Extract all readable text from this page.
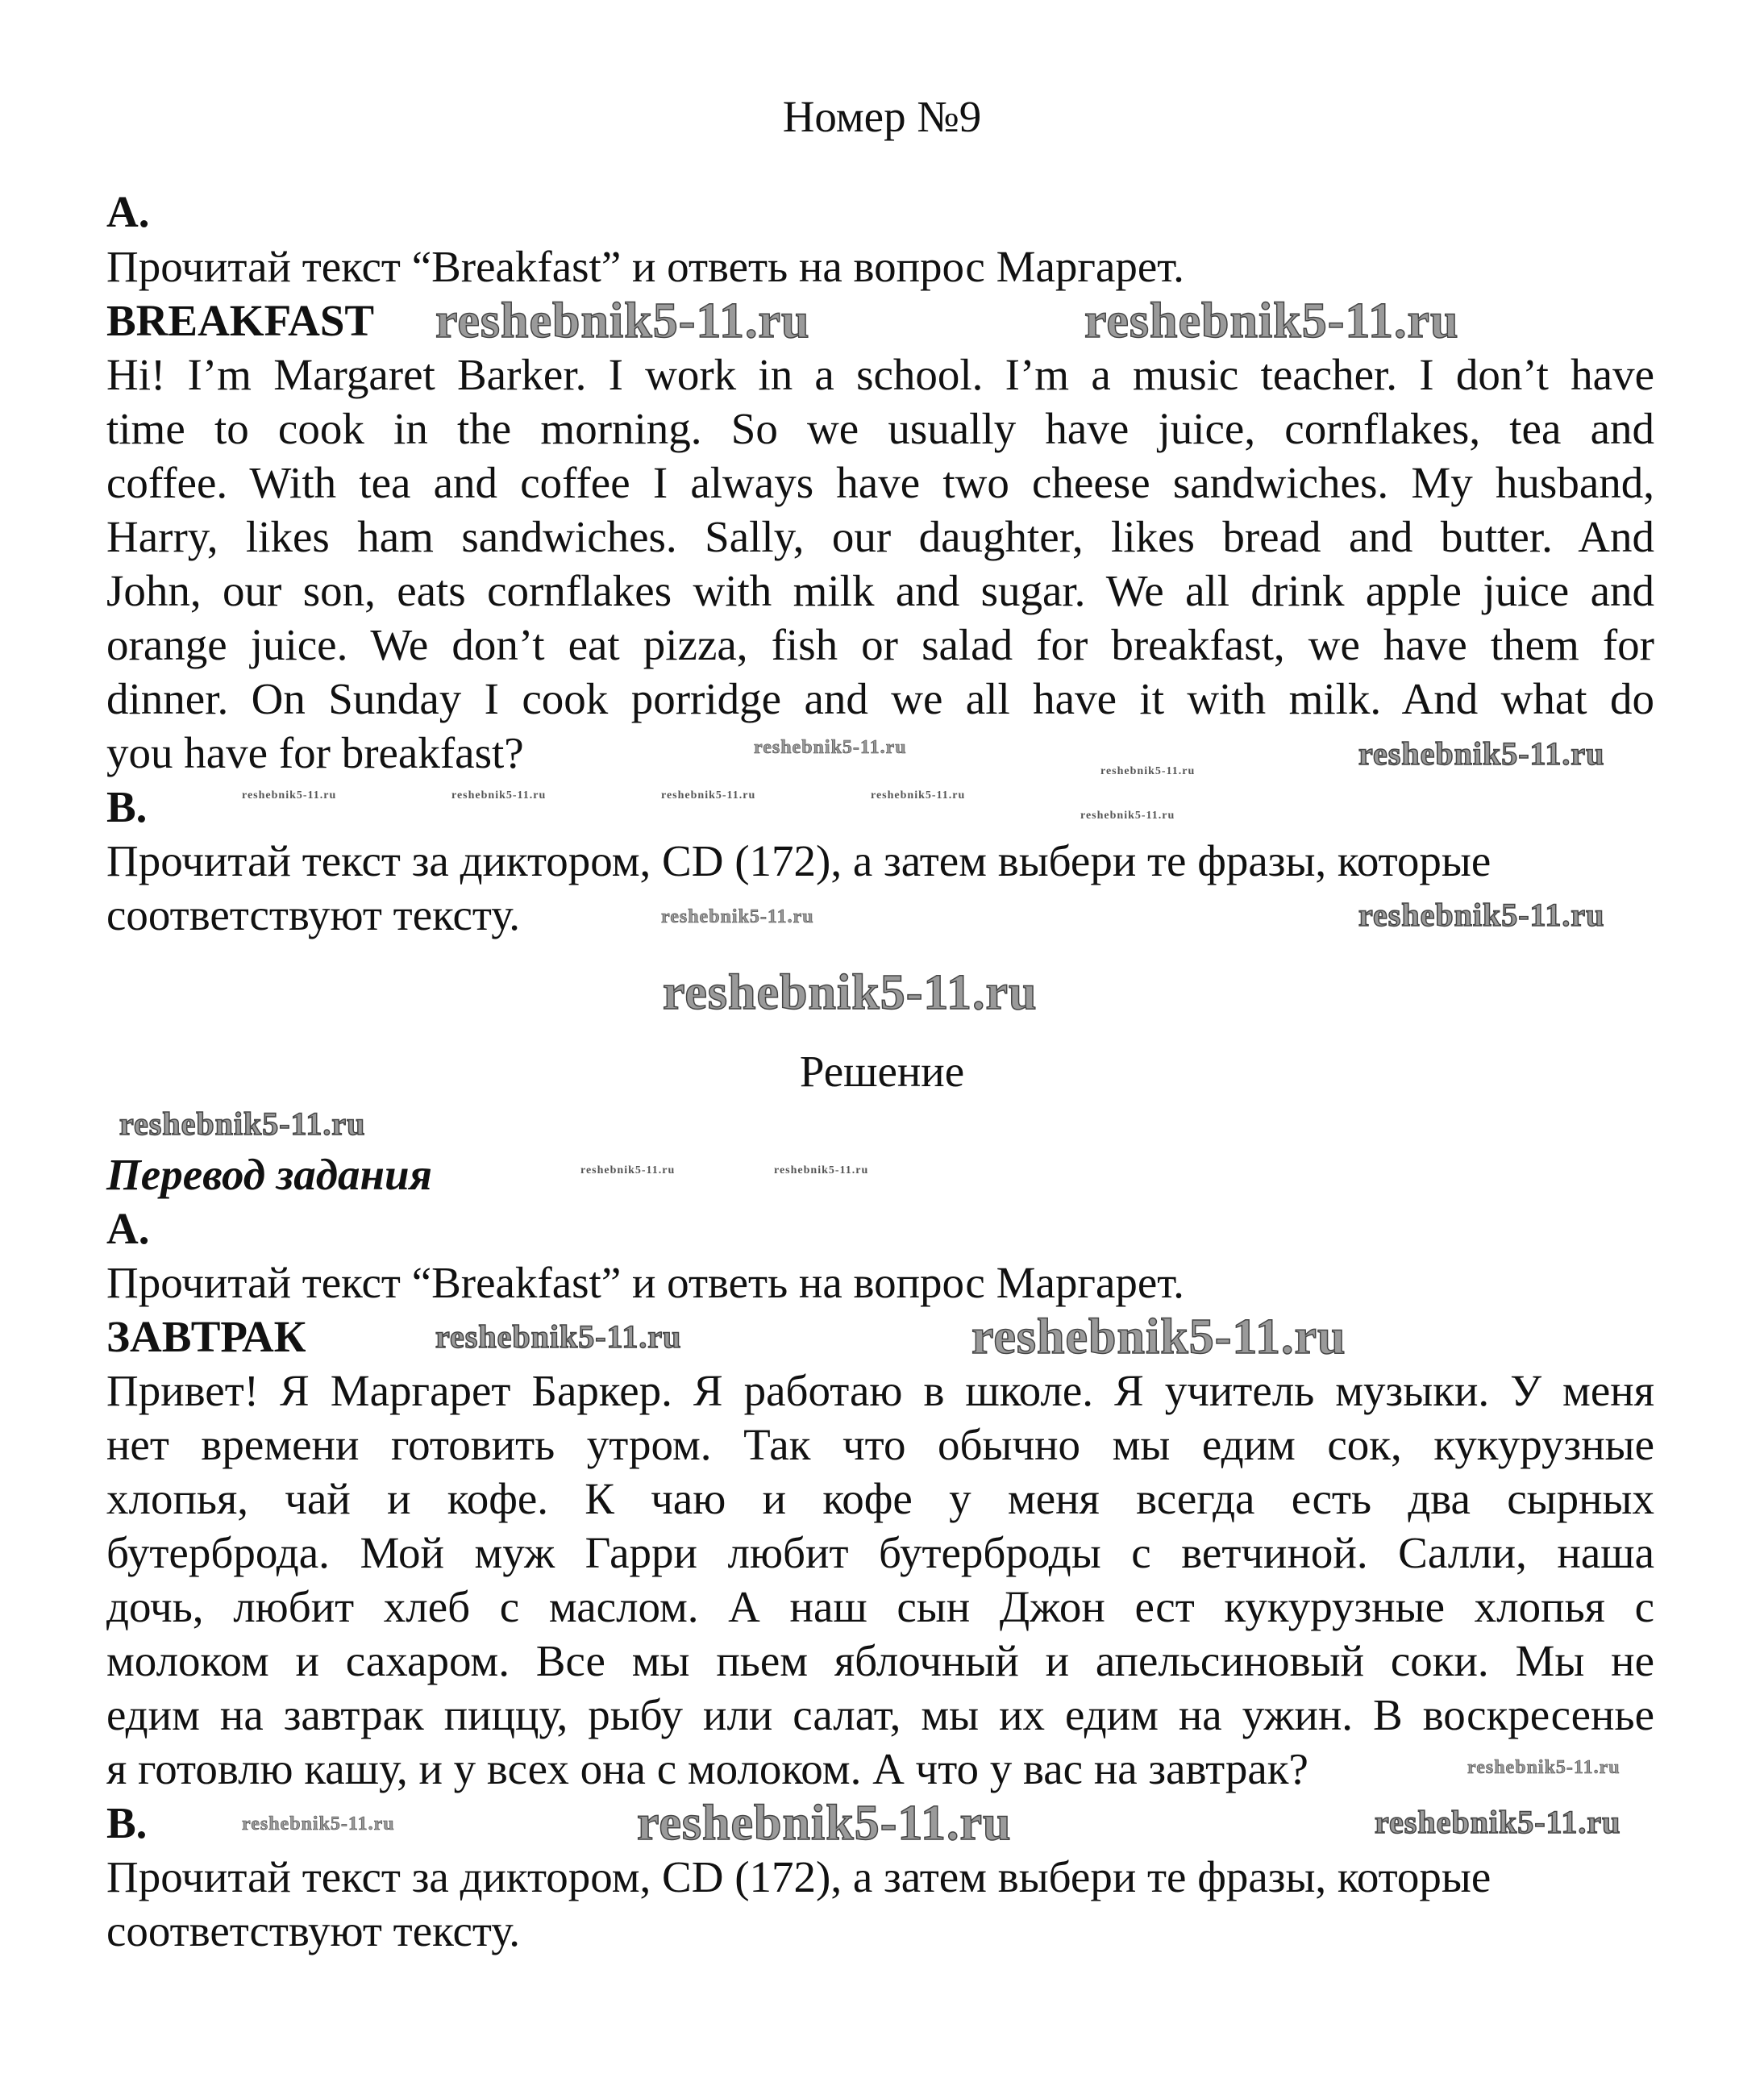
Номер №9
A.
Прочитай текст “Breakfast” и ответь на вопрос Маргарет.
BREAKFAST
Hi! I’m Margaret Barker. I work in a school. I’m a music teacher. I don’t have
time to cook in the morning. So we usually have juice, cornflakes, tea and
coffee. With tea and coffee I always have two cheese sandwiches. My husband,
Harry, likes ham sandwiches. Sally, our daughter, likes bread and butter. And
John, our son, eats cornflakes with milk and sugar. We all drink apple juice and
orange juice. We don’t eat pizza, fish or salad for breakfast, we have them for
dinner. On Sunday I cook porridge and we all have it with milk. And what do
you have for breakfast?
B.
Прочитай текст за диктором, CD (172), а затем выбери те фразы, которые
соответствуют тексту.
Решение
Перевод задания
A.
Прочитай текст “Breakfast” и ответь на вопрос Маргарет.
ЗАВТРАК
Привет! Я Маргарет Баркер. Я работаю в школе. Я учитель музыки. У меня
нет времени готовить утром. Так что обычно мы едим сок, кукурузные
хлопья, чай и кофе. К чаю и кофе у меня всегда есть два сырных
бутерброда. Мой муж Гарри любит бутерброды с ветчиной. Салли, наша
дочь, любит хлеб с маслом. А наш сын Джон ест кукурузные хлопья с
молоком и сахаром. Все мы пьем яблочный и апельсиновый соки. Мы не
едим на завтрак пиццу, рыбу или салат, мы их едим на ужин. В воскресенье
я готовлю кашу, и у всех она с молоком. А что у вас на завтрак?
B.
Прочитай текст за диктором, CD (172), а затем выбери те фразы, которые
соответствуют тексту.
reshebnik5-11.ru	reshebnik5-11.ru
reshebnik5-11.ru	reshebnik5-11.ru
reshebnik5-11.ru
reshebnik5-11.ru	reshebnik5-11.ru
reshebnik5-11.ru
reshebnik5-11.ru	reshebnik5-11.ru
reshebnik5-11.ru	reshebnik5-11.ru
reshebnik5-11.ru
reshebnik5-11.ru
reshebnik5-11.ru	reshebnik5-11.ru
reshebnik5-11.ru	reshebnik5-11.ru
reshebnik5-11.ru
reshebnik5-11.ru	reshebnik5-11.ru
reshebnik5-11.ru
